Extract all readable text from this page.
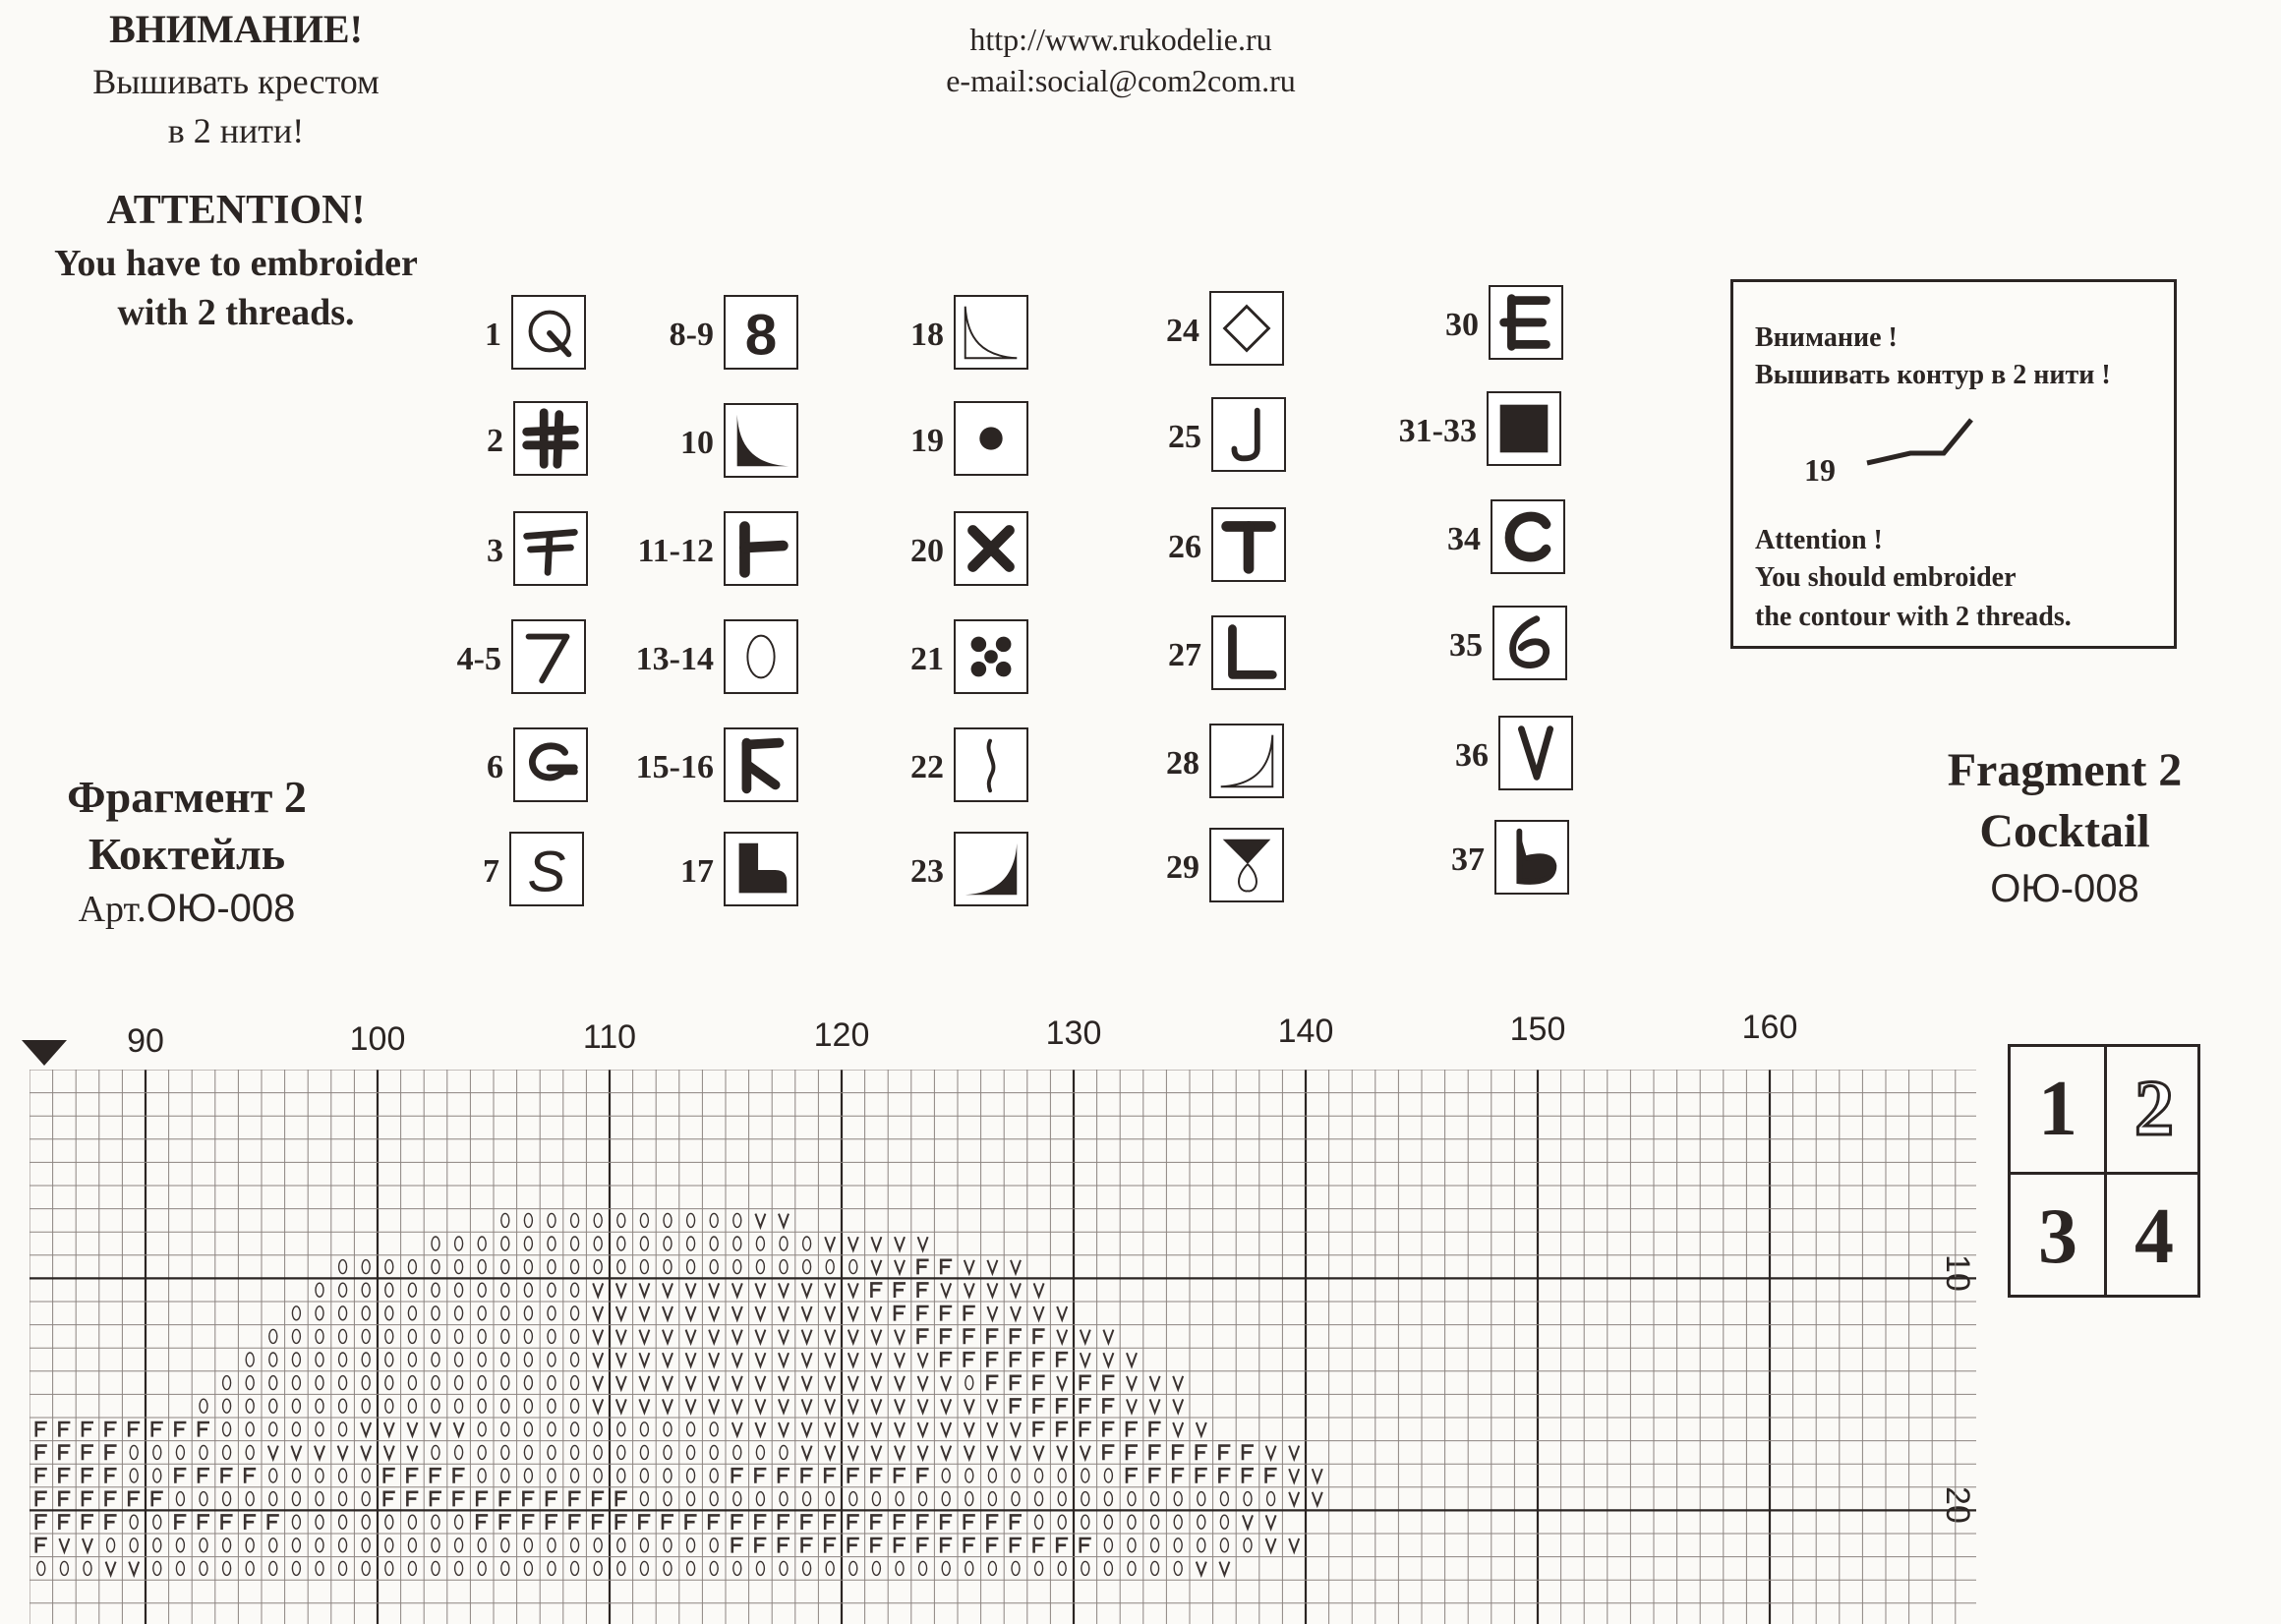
ВНИМАНИЕ!
Вышивать крестом
в 2 нити!
ATTENTION!
You have to embroider
with 2 threads.
http://www.rukodelie.ru
e-mail:social@com2com.ru
1
2
3
4-5
6
7 S
8-9 8
10
11-12
13-14
15-16
17
18
19
20
21
22
23
24
25
26
27
28
29
30
31-33
34
35
36
37
Внимание !
Вышивать контур в 2 нити !
19
Attention !
You should embroider
the contour with 2 threads.
Фрагмент 2
Коктейль
Арт.ОЮ-008
Fragment 2
Cocktail
ОЮ-008
1 2
3 4
90	100	110	120	130	140	150	160
10
20
